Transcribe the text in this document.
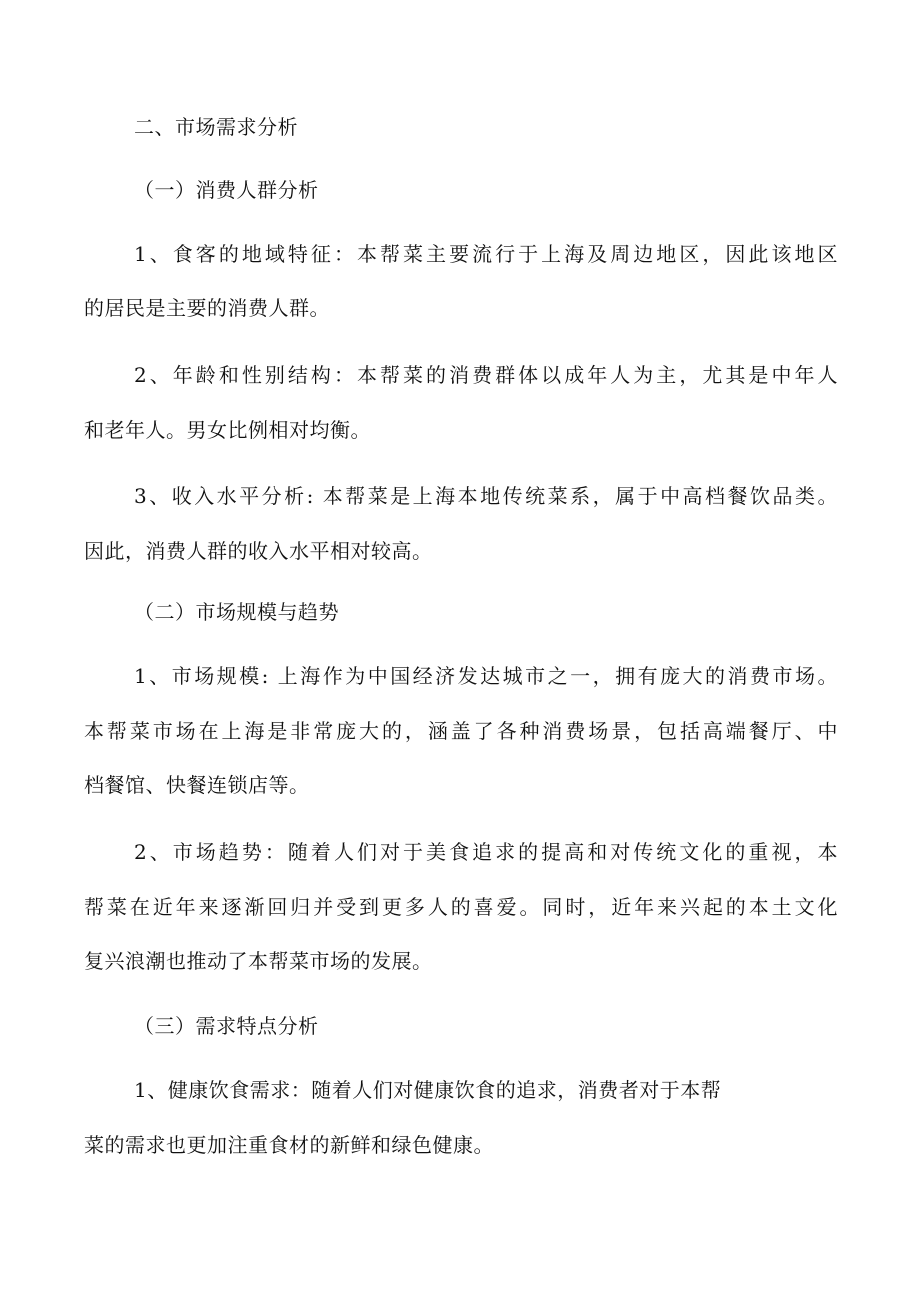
二、市场需求分析
（一）消费人群分析
1、食客的地域特征：本帮菜主要流行于上海及周边地区，因此该地区
的居民是主要的消费人群。
2、年龄和性别结构：本帮菜的消费群体以成年人为主，尤其是中年人
和老年人。男女比例相对均衡。
3、收入水平分析: 本帮菜是上海本地传统菜系，属于中高档餐饮品类。
因此，消费人群的收入水平相对较高。
（二）市场规模与趋势
1、市场规模: 上海作为中国经济发达城市之一，拥有庞大的消费市场。
本帮菜市场在上海是非常庞大的，涵盖了各种消费场景，包括高端餐厅、中
档餐馆、快餐连锁店等。
2、市场趋势：随着人们对于美食追求的提高和对传统文化的重视，本
帮菜在近年来逐渐回归并受到更多人的喜爱。同时，近年来兴起的本土文化
复兴浪潮也推动了本帮菜市场的发展。
（三）需求特点分析
1、健康饮食需求：随着人们对健康饮食的追求，消费者对于本帮
菜的需求也更加注重食材的新鲜和绿色健康。
